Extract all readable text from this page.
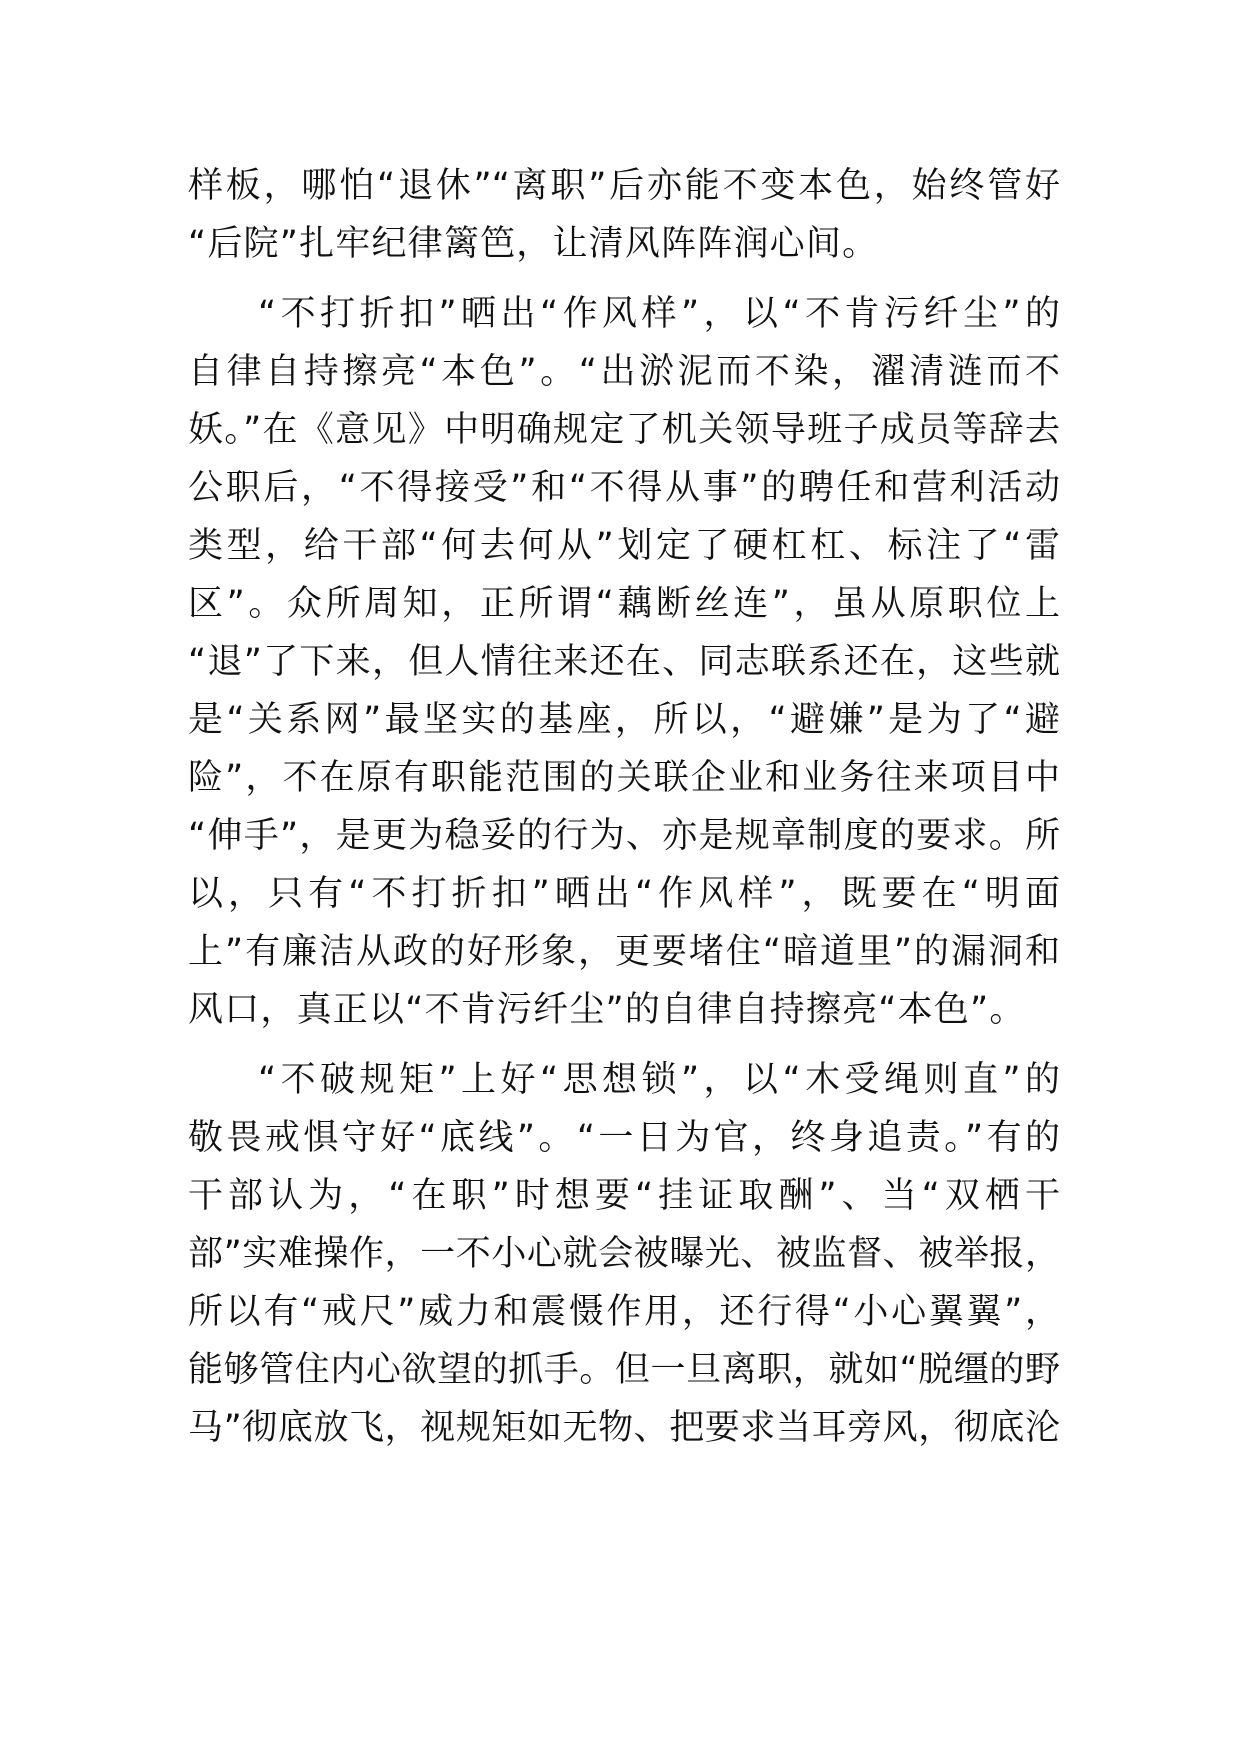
样板，哪怕“退休”“离职”后亦能不变本色，始终管好
“后院”扎牢纪律篱笆，让清风阵阵润心间。
“不打折扣”晒出“作风样”，以“不肯污纤尘”的
自律自持擦亮“本色”。“出淤泥而不染，濯清涟而不
妖。”在《意见》中明确规定了机关领导班子成员等辞去
公职后，“不得接受”和“不得从事”的聘任和营利活动
类型，给干部“何去何从”划定了硬杠杠、标注了“雷
区”。众所周知，正所谓“藕断丝连”，虽从原职位上
“退”了下来，但人情往来还在、同志联系还在，这些就
是“关系网”最坚实的基座，所以，“避嫌”是为了“避
险”，不在原有职能范围的关联企业和业务往来项目中
“伸手”，是更为稳妥的行为、亦是规章制度的要求。所
以，只有“不打折扣”晒出“作风样”，既要在“明面
上”有廉洁从政的好形象，更要堵住“暗道里”的漏洞和
风口，真正以“不肯污纤尘”的自律自持擦亮“本色”。
“不破规矩”上好“思想锁”，以“木受绳则直”的
敬畏戒惧守好“底线”。“一日为官，终身追责。”有的
干部认为，“在职”时想要“挂证取酬”、当“双栖干
部”实难操作，一不小心就会被曝光、被监督、被举报，
所以有“戒尺”威力和震慑作用，还行得“小心翼翼”，
能够管住内心欲望的抓手。但一旦离职，就如“脱缰的野
马”彻底放飞，视规矩如无物、把要求当耳旁风，彻底沦
